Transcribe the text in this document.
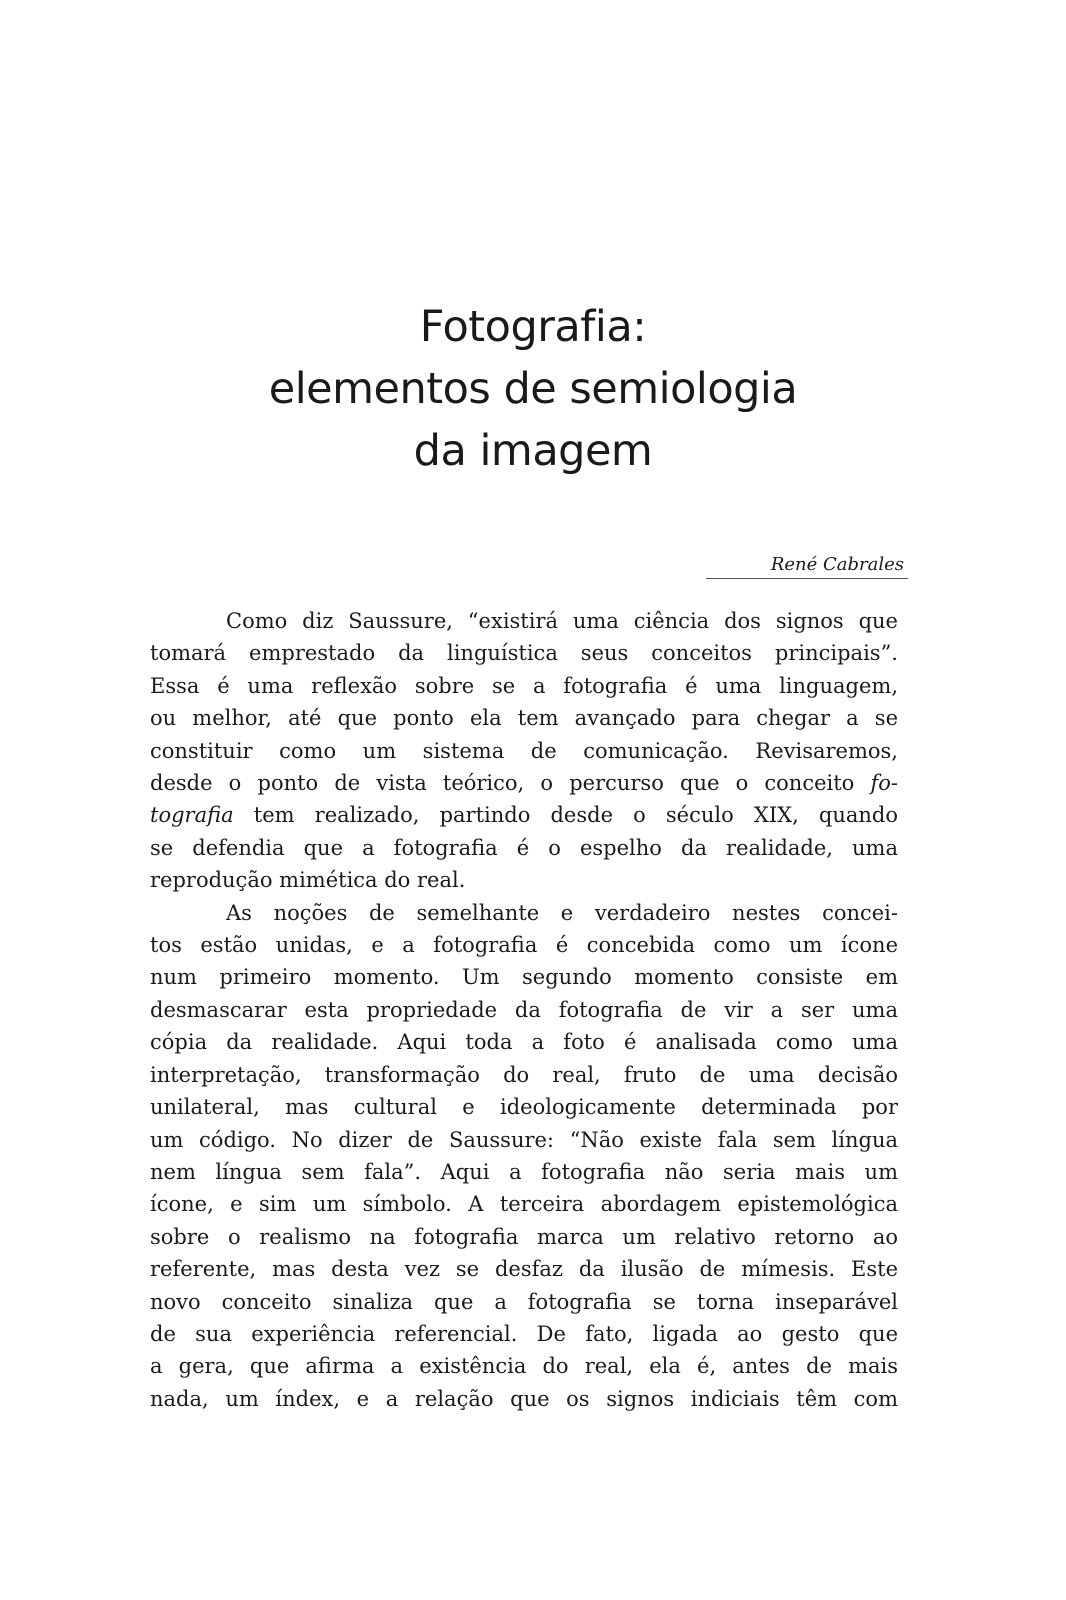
Fotografia:
elementos de semiologia
da imagem
René Cabrales
Como diz Saussure, “existirá uma ciência dos signos que
tomará emprestado da linguística seus conceitos principais”.
Essa é uma reflexão sobre se a fotografia é uma linguagem,
ou melhor, até que ponto ela tem avançado para chegar a se
constituir como um sistema de comunicação. Revisaremos,
desde o ponto de vista teórico, o percurso que o conceito fo-
tografia tem realizado, partindo desde o século XIX, quando
se defendia que a fotografia é o espelho da realidade, uma
reprodução mimética do real.
As noções de semelhante e verdadeiro nestes concei-
tos estão unidas, e a fotografia é concebida como um ícone
num primeiro momento. Um segundo momento consiste em
desmascarar esta propriedade da fotografia de vir a ser uma
cópia da realidade. Aqui toda a foto é analisada como uma
interpretação, transformação do real, fruto de uma decisão
unilateral, mas cultural e ideologicamente determinada por
um código. No dizer de Saussure: “Não existe fala sem língua
nem língua sem fala”. Aqui a fotografia não seria mais um
ícone, e sim um símbolo. A terceira abordagem epistemológica
sobre o realismo na fotografia marca um relativo retorno ao
referente, mas desta vez se desfaz da ilusão de mímesis. Este
novo conceito sinaliza que a fotografia se torna inseparável
de sua experiência referencial. De fato, ligada ao gesto que
a gera, que afirma a existência do real, ela é, antes de mais
nada, um índex, e a relação que os signos indiciais têm com
